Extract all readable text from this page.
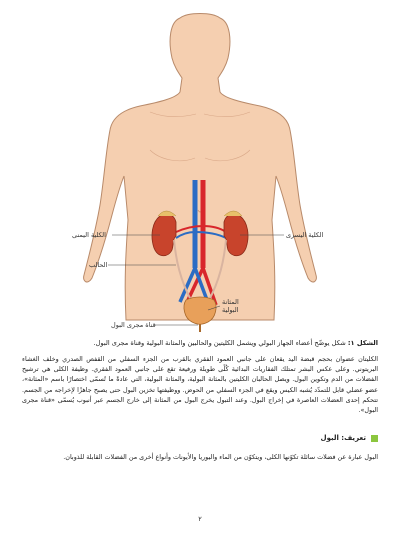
الكلية اليمنى	الكلية اليسرى
الحالب
المثانة
البولية
قناة مجرى البول
الشكل ١: شكل يوضّح أعضاء الجهاز البولي ويشمل الكليتين والحالبين والمثانة البولية وقناة مجرى البول.
الكليتان عضوان بحجم قبضة اليد يقعان على جانبي العمود الفقري بالقرب من الجزء السفلي من القفص الصدري وخلف الغشاء البريتوني. وعلى عكس البشر تمتلك الفقاريات البدائية كُلًى طويلة ورفيعة تقع على جانبي العمود الفقري. وظيفة الكلى هي ترشيح الفضلات من الدم وتكوين البول. ويصل الحالبان الكليتين بالمثانة البولية، والمثانة البولية، التي عادةً ما تُسمّى اختصارًا باسم «المثانة»، عضو عضلي قابل للتمدّد يُشبه الكيس ويقع في الجزء السفلي من الحوض. ووظيفتها تخزين البول حتى يصبح جاهزًا لإخراجه من الجسم. تتحكم إحدى العضلات العاصرة في إخراج البول. وعند التبول يخرج البول من المثانة إلى خارج الجسم عبر أنبوب يُسمّى «قناة مجرى البول».
تعريف: البول
البول عبارة عن فضلات سائلة تكوّنها الكلى، ويتكوّن من الماء واليوريا والأيونات وأنواع أخرى من الفضلات القابلة للذوبان.
٢
